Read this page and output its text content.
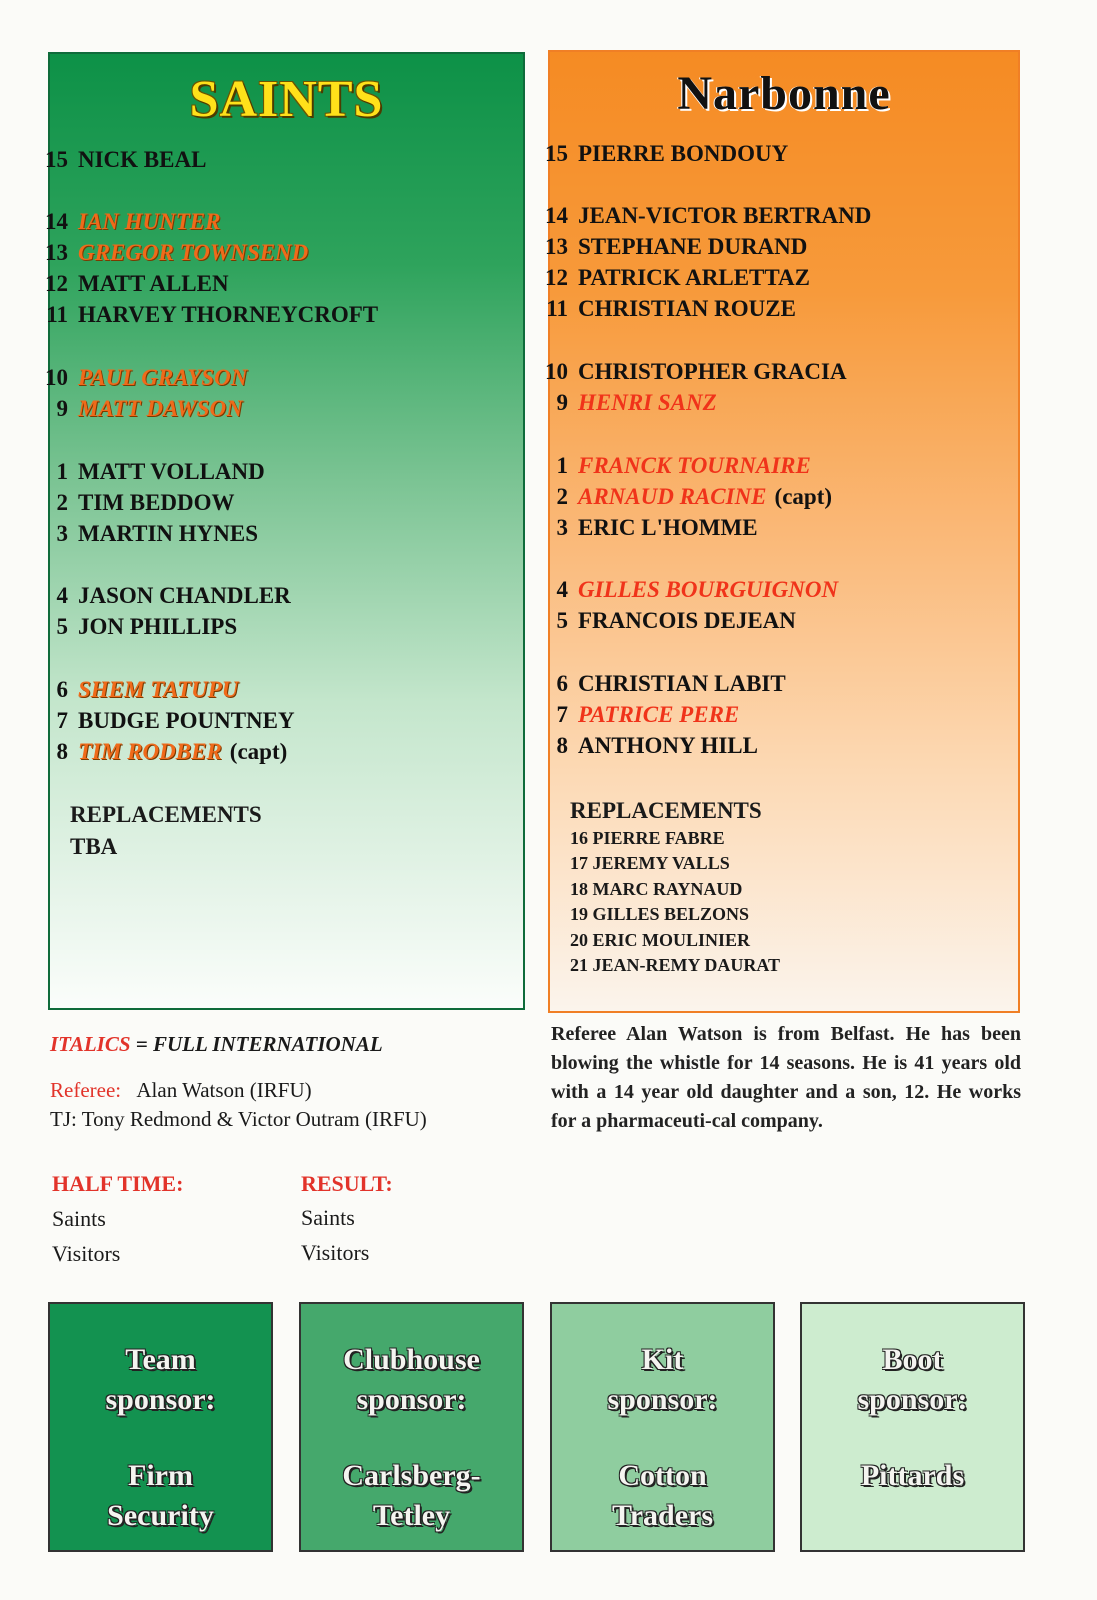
SAINTS
15 NICK BEAL
14 IAN HUNTER
13 GREGOR TOWNSEND
12 MATT ALLEN
11 HARVEY THORNEYCROFT
10 PAUL GRAYSON
9 MATT DAWSON
1 MATT VOLLAND
2 TIM BEDDOW
3 MARTIN HYNES
4 JASON CHANDLER
5 JON PHILLIPS
6 SHEM TATUPU
7 BUDGE POUNTNEY
8 TIM RODBER (capt)
REPLACEMENTS
TBA
Narbonne
15 PIERRE BONDOUY
14 JEAN-VICTOR BERTRAND
13 STEPHANE DURAND
12 PATRICK ARLETTAZ
11 CHRISTIAN ROUZE
10 CHRISTOPHER GRACIA
9 HENRI SANZ
1 FRANCK TOURNAIRE
2 ARNAUD RACINE (capt)
3 ERIC L'HOMME
4 GILLES BOURGUIGNON
5 FRANCOIS DEJEAN
6 CHRISTIAN LABIT
7 PATRICE PERE
8 ANTHONY HILL
REPLACEMENTS
16 PIERRE FABRE
17 JEREMY VALLS
18 MARC RAYNAUD
19 GILLES BELZONS
20 ERIC MOULINIER
21 JEAN-REMY DAURAT
ITALICS = FULL INTERNATIONAL
Referee: Alan Watson (IRFU)
TJ: Tony Redmond & Victor Outram (IRFU)
Referee Alan Watson is from Belfast. He has been blowing the whistle for 14 seasons. He is 41 years old with a 14 year old daughter and a son, 12. He works for a pharmaceuti-cal company.
HALF TIME:
Saints
Visitors
RESULT:
Saints
Visitors
Team
sponsor:
Firm
Security
Clubhouse
sponsor:
Carlsberg-
Tetley
Kit
sponsor:
Cotton
Traders
Boot
sponsor:
Pittards
